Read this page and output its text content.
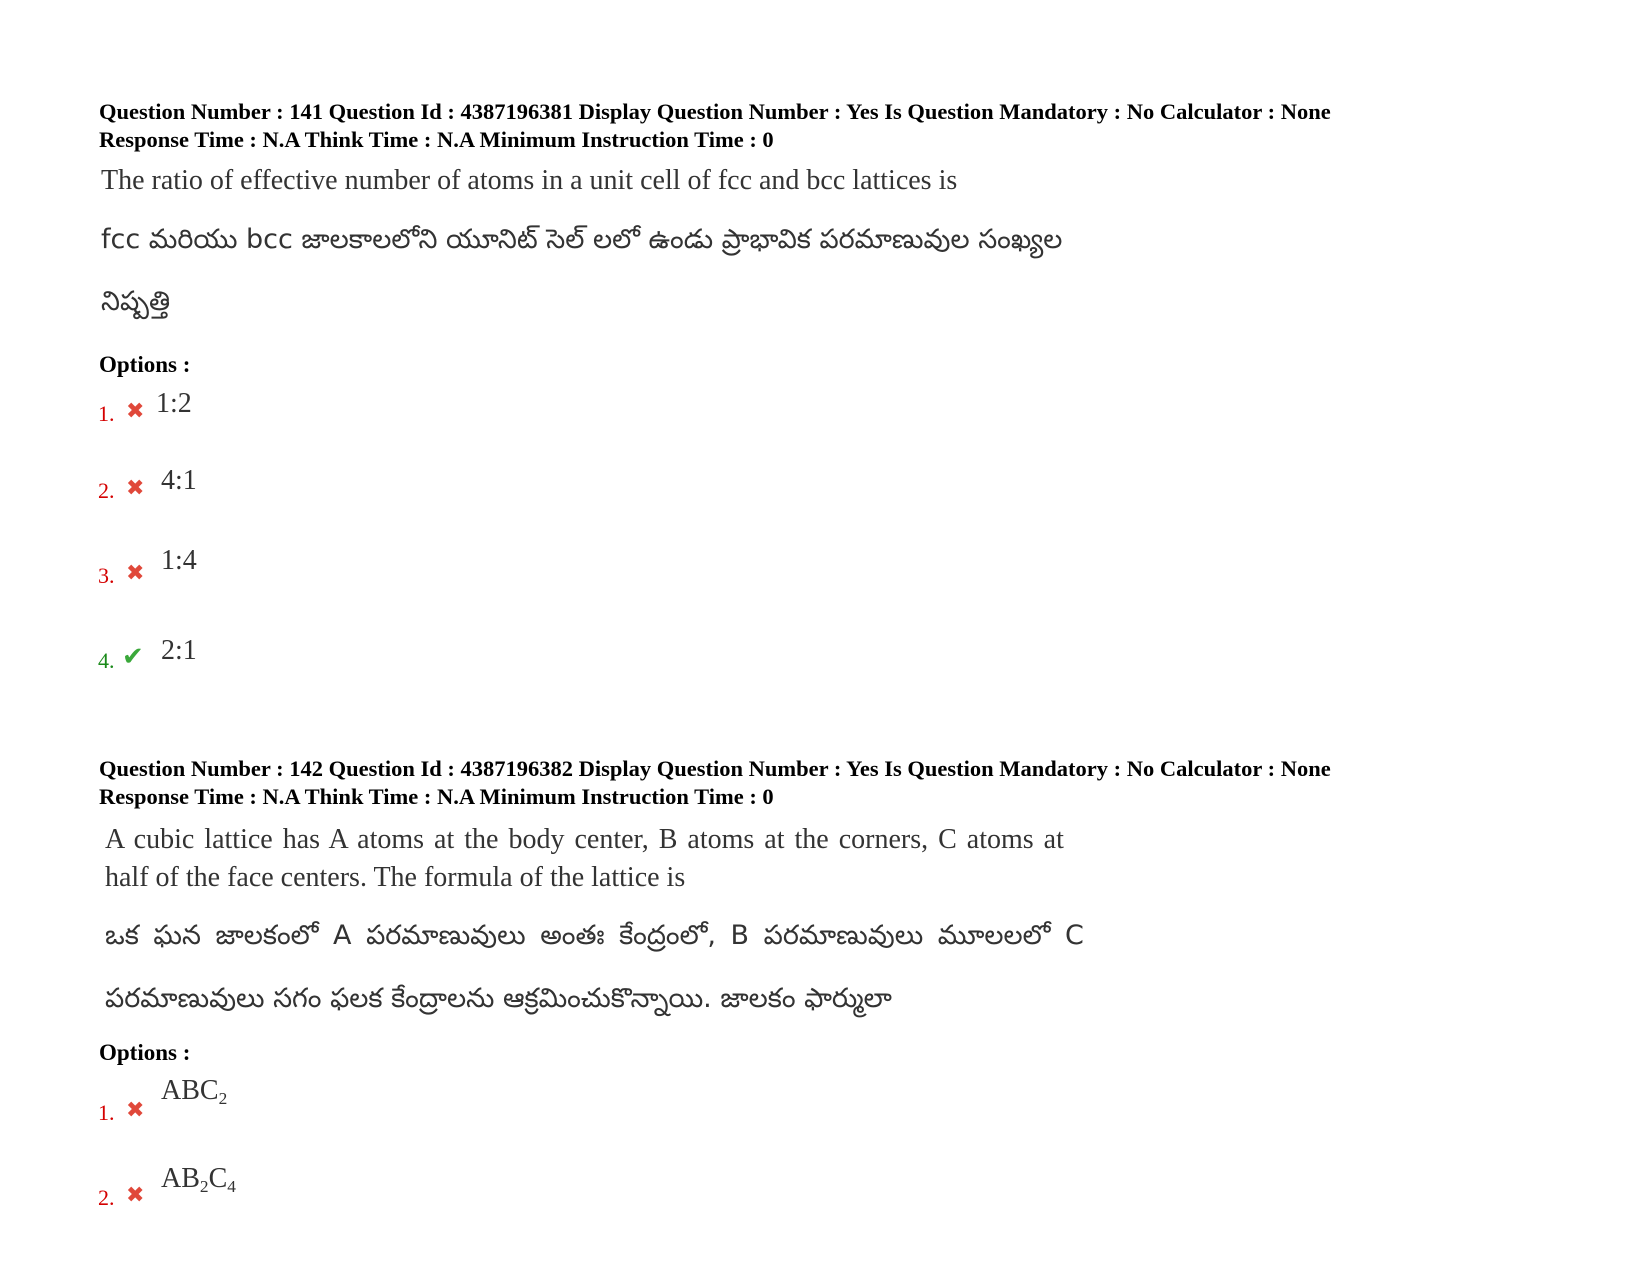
Question Number : 141 Question Id : 4387196381 Display Question Number : Yes Is Question Mandatory : No Calculator : None
Response Time : N.A Think Time : N.A Minimum Instruction Time : 0
The ratio of effective number of atoms in a unit cell of fcc and bcc lattices is
fcc మరియు bcc జాలకాలలోని యూనిట్ సెల్ లలో ఉండు ప్రాభావిక పరమాణువుల సంఖ్యల
నిష్పత్తి
Options :
1. ✖ 1:2
2. ✖ 4:1
3. ✖ 1:4
4. ✔ 2:1
Question Number : 142 Question Id : 4387196382 Display Question Number : Yes Is Question Mandatory : No Calculator : None
Response Time : N.A Think Time : N.A Minimum Instruction Time : 0
A cubic lattice has A atoms at the body center, B atoms at the corners, C atoms at
half of the face centers. The formula of the lattice is
ఒక ఘన జాలకంలో A పరమాణువులు అంతః కేంద్రంలో, B పరమాణువులు మూలలలో C
పరమాణువులు సగం ఫలక కేంద్రాలను ఆక్రమించుకొన్నాయి. జాలకం ఫార్ములా
Options :
1. ✖
$ABC_2$
2. ✖
$AB_2C_4$
